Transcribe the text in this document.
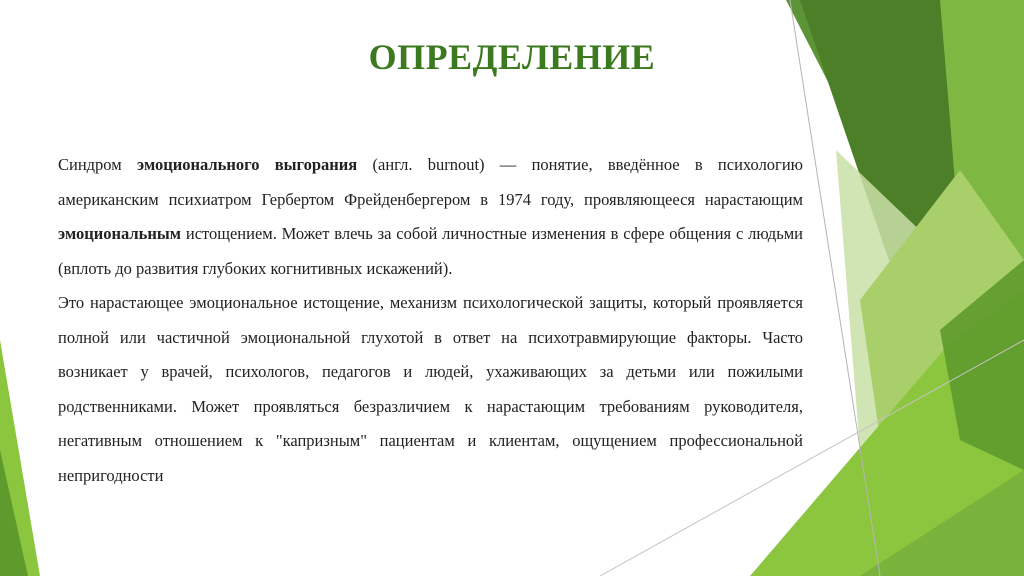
ОПРЕДЕЛЕНИЕ

Синдром эмоционального выгорания (англ. burnout) — понятие, введённое в психологию американским психиатром Гербертом Фрейденбергером в 1974 году, проявляющееся нарастающим эмоциональным истощением. Может влечь за собой личностные изменения в сфере общения с людьми (вплоть до развития глубоких когнитивных искажений).

Это нарастающее эмоциональное истощение, механизм психологической защиты, который проявляется полной или частичной эмоциональной глухотой в ответ на психотравмирующие факторы. Часто возникает у врачей, психологов, педагогов и людей, ухаживающих за детьми или пожилыми родственниками. Может проявляться безразличием к нарастающим требованиям руководителя, негативным отношением к "капризным" пациентам и клиентам, ощущением профессиональной непригодности
